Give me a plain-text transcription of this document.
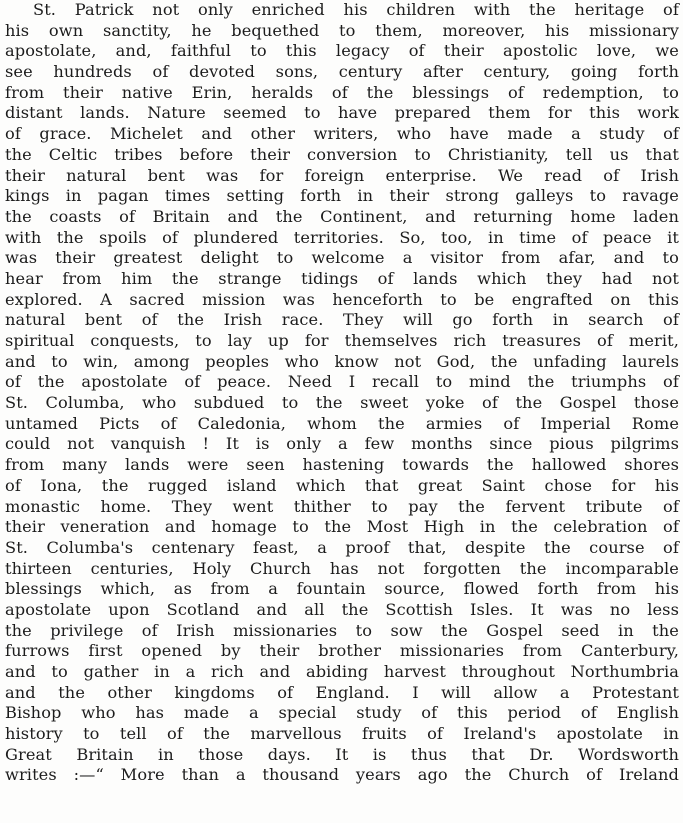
St. Patrick not only enriched his children with the heritage of
his own sanctity, he bequethed to them, moreover, his missionary
apostolate, and, faithful to this legacy of their apostolic love, we
see hundreds of devoted sons, century after century, going forth
from their native Erin, heralds of the blessings of redemption, to
distant lands. Nature seemed to have prepared them for this work
of grace. Michelet and other writers, who have made a study of
the Celtic tribes before their conversion to Christianity, tell us that
their natural bent was for foreign enterprise. We read of Irish
kings in pagan times setting forth in their strong galleys to ravage
the coasts of Britain and the Continent, and returning home laden
with the spoils of plundered territories. So, too, in time of peace it
was their greatest delight to welcome a visitor from afar, and to
hear from him the strange tidings of lands which they had not
explored. A sacred mission was henceforth to be engrafted on this
natural bent of the Irish race. They will go forth in search of
spiritual conquests, to lay up for themselves rich treasures of merit,
and to win, among peoples who know not God, the unfading laurels
of the apostolate of peace. Need I recall to mind the triumphs of
St. Columba, who subdued to the sweet yoke of the Gospel those
untamed Picts of Caledonia, whom the armies of Imperial Rome
could not vanquish ! It is only a few months since pious pilgrims
from many lands were seen hastening towards the hallowed shores
of Iona, the rugged island which that great Saint chose for his
monastic home. They went thither to pay the fervent tribute of
their veneration and homage to the Most High in the celebration of
St. Columba's centenary feast, a proof that, despite the course of
thirteen centuries, Holy Church has not forgotten the incomparable
blessings which, as from a fountain source, flowed forth from his
apostolate upon Scotland and all the Scottish Isles. It was no less
the privilege of Irish missionaries to sow the Gospel seed in the
furrows first opened by their brother missionaries from Canterbury,
and to gather in a rich and abiding harvest throughout Northumbria
and the other kingdoms of England. I will allow a Protestant
Bishop who has made a special study of this period of English
history to tell of the marvellous fruits of Ireland's apostolate in
Great Britain in those days. It is thus that Dr. Wordsworth
writes :—“ More than a thousand years ago the Church of Ireland
